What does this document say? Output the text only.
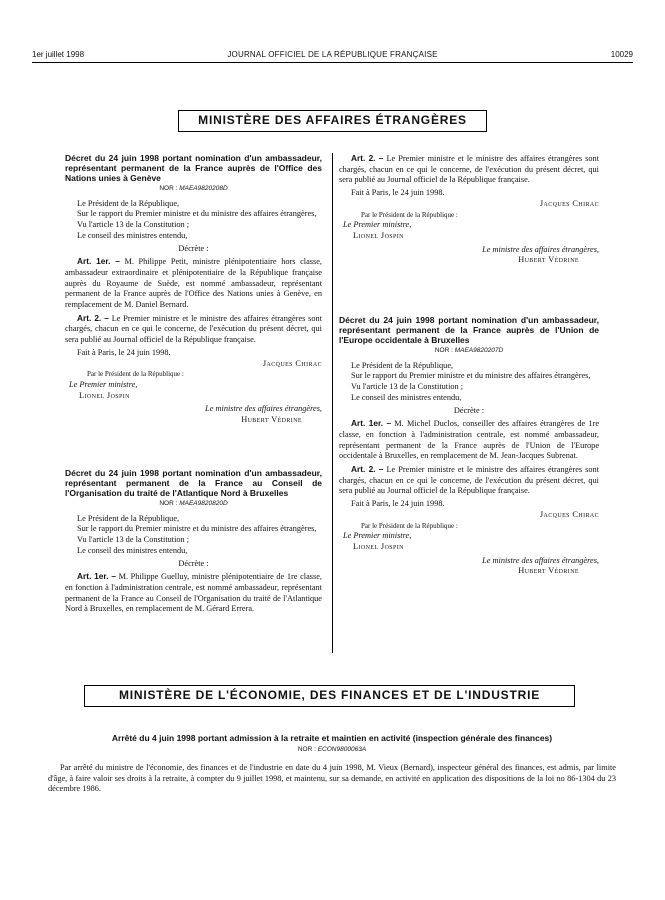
1er juillet 1998	JOURNAL OFFICIEL DE LA RÉPUBLIQUE FRANÇAISE	10029
MINISTÈRE DES AFFAIRES ÉTRANGÈRES

Décret du 24 juin 1998 portant nomination d'un ambassadeur, représentant permanent de la France auprès de l'Office des Nations unies à Genève

NOR : MAEA9820208D

Le Président de la République,

Sur le rapport du Premier ministre et du ministre des affaires étrangères,

Vu l'article 13 de la Constitution ;

Le conseil des ministres entendu,

Décrète :

Art. 1er. – M. Philippe Petit, ministre plénipotentiaire hors classe, ambassadeur extraordinaire et plénipotentiaire de la République française auprès du Royaume de Suède, est nommé ambassadeur, représentant permanent de la France auprès de l'Office des Nations unies à Genève, en remplacement de M. Daniel Bernard.

Art. 2. – Le Premier ministre et le ministre des affaires étrangères sont chargés, chacun en ce qui le concerne, de l'exécution du présent décret, qui sera publié au Journal officiel de la République française.

Fait à Paris, le 24 juin 1998.

Jacques Chirac

Par le Président de la République :

Le Premier ministre,

Lionel Jospin

Le ministre des affaires étrangères,

Hubert Védrine

Décret du 24 juin 1998 portant nomination d'un ambassadeur, représentant permanent de la France au Conseil de l'Organisation du traité de l'Atlantique Nord à Bruxelles

NOR : MAEA9820820D

Le Président de la République,

Sur le rapport du Premier ministre et du ministre des affaires étrangères,

Vu l'article 13 de la Constitution ;

Le conseil des ministres entendu,

Décrète :

Art. 1er. – M. Philippe Guelluy, ministre plénipotentiaire de 1re classe, en fonction à l'administration centrale, est nommé ambassadeur, représentant permanent de la France au Conseil de l'Organisation du traité de l'Atlantique Nord à Bruxelles, en remplacement de M. Gérard Errera.

Art. 2. – Le Premier ministre et le ministre des affaires étrangères sont chargés, chacun en ce qui le concerne, de l'exécution du présent décret, qui sera publié au Journal officiel de la République française.

Fait à Paris, le 24 juin 1998.

Jacques Chirac

Par le Président de la République :

Le Premier ministre,

Lionel Jospin

Le ministre des affaires étrangères,

Hubert Védrine

Décret du 24 juin 1998 portant nomination d'un ambassadeur, représentant permanent de la France auprès de l'Union de l'Europe occidentale à Bruxelles

NOR : MAEA9820207D

Le Président de la République,

Sur le rapport du Premier ministre et du ministre des affaires étrangères,

Vu l'article 13 de la Constitution ;

Le conseil des ministres entendu,

Décrète :

Art. 1er. – M. Michel Duclos, conseiller des affaires étrangères de 1re classe, en fonction à l'administration centrale, est nommé ambassadeur, représentant permanent de la France auprès de l'Union de l'Europe occidentale à Bruxelles, en remplacement de M. Jean-Jacques Subrenat.

Art. 2. – Le Premier ministre et le ministre des affaires étrangères sont chargés, chacun en ce qui le concerne, de l'exécution du présent décret, qui sera publié au Journal officiel de la République française.

Fait à Paris, le 24 juin 1998.

Jacques Chirac

Par le Président de la République :

Le Premier ministre,

Lionel Jospin

Le ministre des affaires étrangères,

Hubert Védrine

MINISTÈRE DE L'ÉCONOMIE, DES FINANCES ET DE L'INDUSTRIE

Arrêté du 4 juin 1998 portant admission à la retraite et maintien en activité (inspection générale des finances)

NOR : ECON9800063A

Par arrêté du ministre de l'économie, des finances et de l'industrie en date du 4 juin 1998, M. Vieux (Bernard), inspecteur général des finances, est admis, par limite d'âge, à faire valoir ses droits à la retraite, à compter du 9 juillet 1998, et maintenu, sur sa demande, en activité en application des dispositions de la loi no 86-1304 du 23 décembre 1986.
